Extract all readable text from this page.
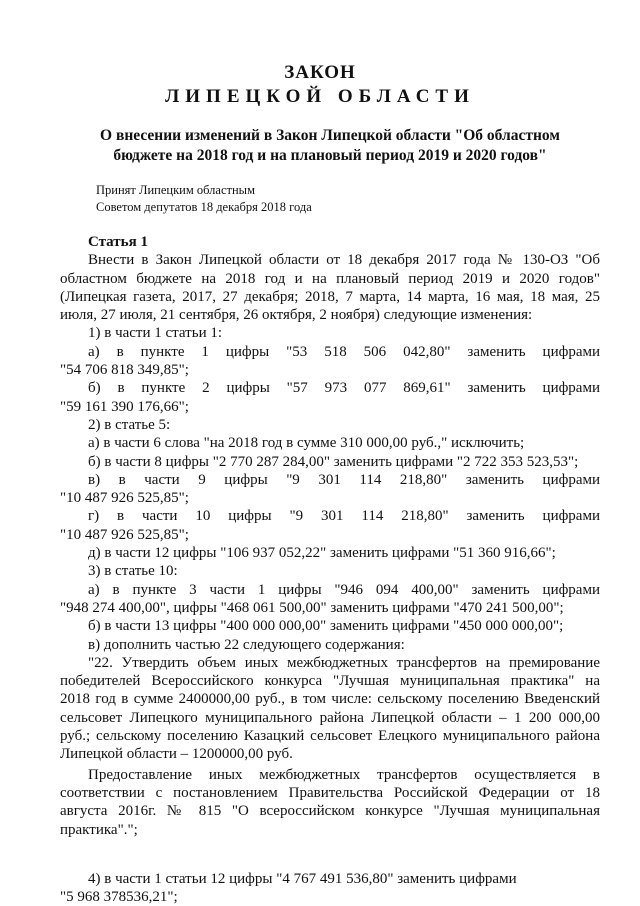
ЗАКОН
ЛИПЕЦКОЙ ОБЛАСТИ
О внесении изменений в Закон Липецкой области "Об областном
бюджете на 2018 год и на плановый период 2019 и 2020 годов"
Принят Липецким областным
Советом депутатов 18 декабря 2018 года
Статья 1
Внести в Закон Липецкой области от 18 декабря 2017 года № 130-ОЗ "Об
областном бюджете на 2018 год и на плановый период 2019 и 2020 годов"
(Липецкая газета, 2017, 27 декабря; 2018, 7 марта, 14 марта, 16 мая, 18 мая, 25
июля, 27 июля, 21 сентября, 26 октября, 2 ноября) следующие изменения:
1) в части 1 статьи 1:
а) в пункте 1 цифры "53 518 506 042,80" заменить цифрами
"54 706 818 349,85";
б) в пункте 2 цифры "57 973 077 869,61" заменить цифрами
"59 161 390 176,66";
2) в статье 5:
а) в части 6 слова "на 2018 год в сумме 310 000,00 руб.," исключить;
б) в части 8 цифры "2 770 287 284,00" заменить цифрами "2 722 353 523,53";
в) в части 9 цифры "9 301 114 218,80" заменить цифрами
"10 487 926 525,85";
г) в части 10 цифры "9 301 114 218,80" заменить цифрами
"10 487 926 525,85";
д) в части 12 цифры "106 937 052,22" заменить цифрами "51 360 916,66";
3) в статье 10:
а) в пункте 3 части 1 цифры "946 094 400,00" заменить цифрами
"948 274 400,00", цифры "468 061 500,00" заменить цифрами "470 241 500,00";
б) в части 13 цифры "400 000 000,00" заменить цифрами "450 000 000,00";
в) дополнить частью 22 следующего содержания:
"22. Утвердить объем иных межбюджетных трансфертов на премирование
победителей Всероссийского конкурса "Лучшая муниципальная практика" на
2018 год в сумме 2400000,00 руб., в том числе: сельскому поселению Введенский
сельсовет Липецкого муниципального района Липецкой области – 1 200 000,00
руб.; сельскому поселению Казацкий сельсовет Елецкого муниципального района
Липецкой области – 1200000,00 руб.
Предоставление иных межбюджетных трансфертов осуществляется в
соответствии с постановлением Правительства Российской Федерации от 18
августа 2016г. № 815 "О всероссийском конкурсе "Лучшая муниципальная
практика".";
4) в части 1 статьи 12 цифры "4 767 491 536,80" заменить цифрами
"5 968 378536,21";
